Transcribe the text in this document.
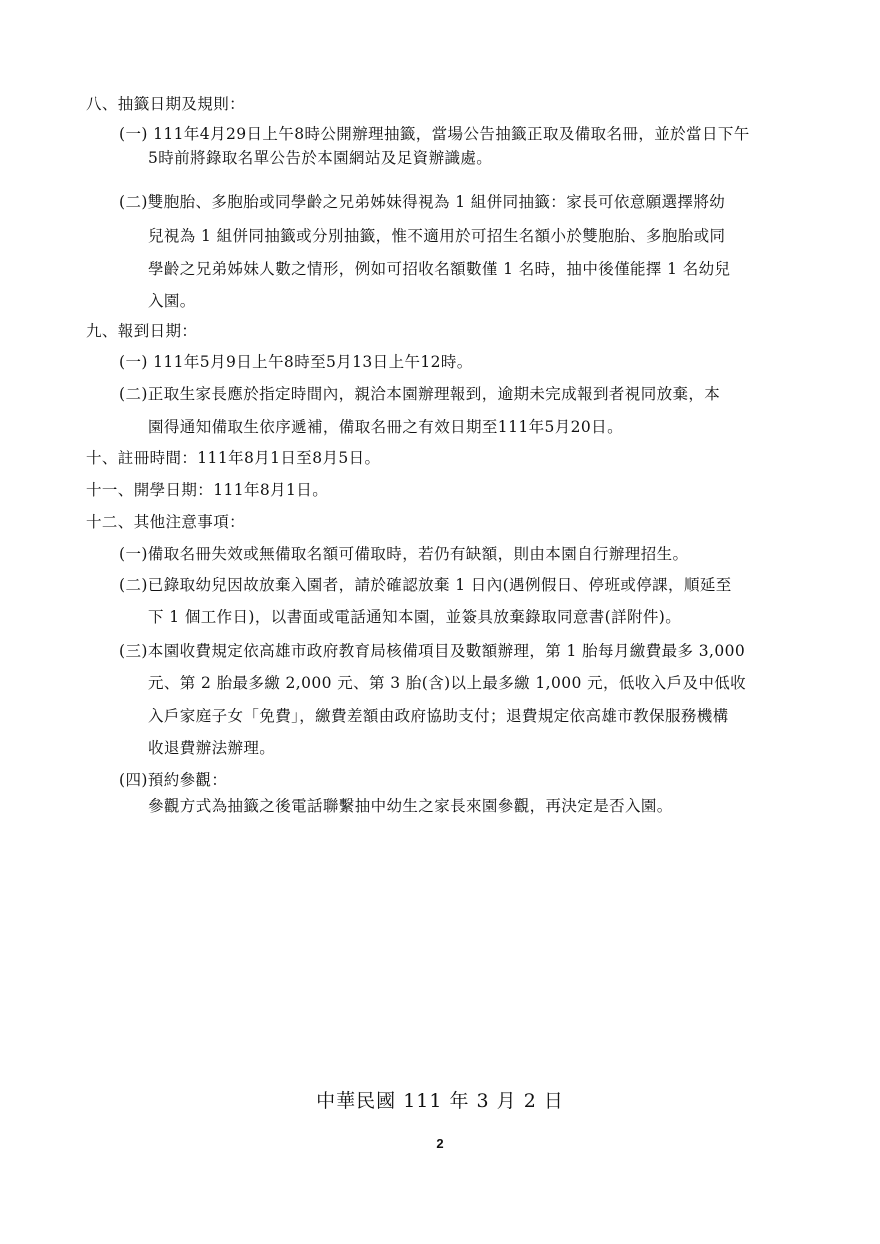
八、抽籤日期及規則：
(一) 111年4月29日上午8時公開辦理抽籤，當場公告抽籤正取及備取名冊，並於當日下午
5時前將錄取名單公告於本園網站及足資辦識處。
(二)雙胞胎、多胞胎或同學齡之兄弟姊妹得視為 1 組併同抽籤：家長可依意願選擇將幼
兒視為 1 組併同抽籤或分別抽籤，惟不適用於可招生名額小於雙胞胎、多胞胎或同
學齡之兄弟姊妹人數之情形，例如可招收名額數僅 1 名時，抽中後僅能擇 1 名幼兒
入園。
九、報到日期：
(一) 111年5月9日上午8時至5月13日上午12時。
(二)正取生家長應於指定時間內，親洽本園辦理報到，逾期未完成報到者視同放棄，本
園得通知備取生依序遞補，備取名冊之有效日期至111年5月20日。
十、註冊時間：111年8月1日至8月5日。
十一、開學日期：111年8月1日。
十二、其他注意事項：
(一)備取名冊失效或無備取名額可備取時，若仍有缺額，則由本園自行辦理招生。
(二)已錄取幼兒因故放棄入園者，請於確認放棄 1 日內(遇例假日、停班或停課，順延至
下 1 個工作日)，以書面或電話通知本園，並簽具放棄錄取同意書(詳附件)。
(三)本園收費規定依高雄市政府教育局核備項目及數額辦理，第 1 胎每月繳費最多 3,000
元、第 2 胎最多繳 2,000 元、第 3 胎(含)以上最多繳 1,000 元，低收入戶及中低收
入戶家庭子女「免費」，繳費差額由政府協助支付；退費規定依高雄市教保服務機構
收退費辦法辦理。
(四)預約參觀：
參觀方式為抽籤之後電話聯繫抽中幼生之家長來園參觀，再決定是否入園。
中華民國 111 年 3 月 2 日
2
